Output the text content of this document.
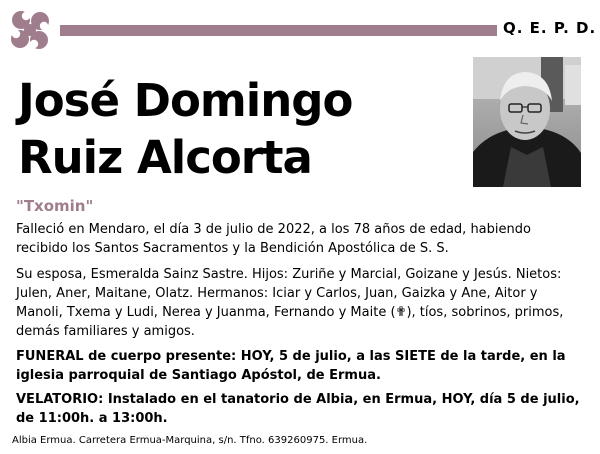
Q. E. P. D.
José Domingo
Ruiz Alcorta
"Txomin"

Falleció en Mendaro, el día 3 de julio de 2022, a los 78 años de edad, habiendo recibido los Santos Sacramentos y la Bendición Apostólica de S. S.

Su esposa, Esmeralda Sainz Sastre. Hijos: Zuriñe y Marcial, Goizane y Jesús. Nietos: Julen, Aner, Maitane, Olatz. Hermanos: Iciar y Carlos, Juan, Gaizka y Ane, Aitor y Manoli, Txema y Ludi, Nerea y Juanma, Fernando y Maite (✟), tíos, sobrinos, primos, demás familiares y amigos.

FUNERAL de cuerpo presente: HOY, 5 de julio, a las SIETE de la tarde, en la iglesia parroquial de Santiago Apóstol, de Ermua.

VELATORIO: Instalado en el tanatorio de Albia, en Ermua, HOY, día 5 de julio, de 11:00h. a 13:00h.

Albia Ermua. Carretera Ermua-Marquina, s/n. Tfno. 639260975. Ermua.
